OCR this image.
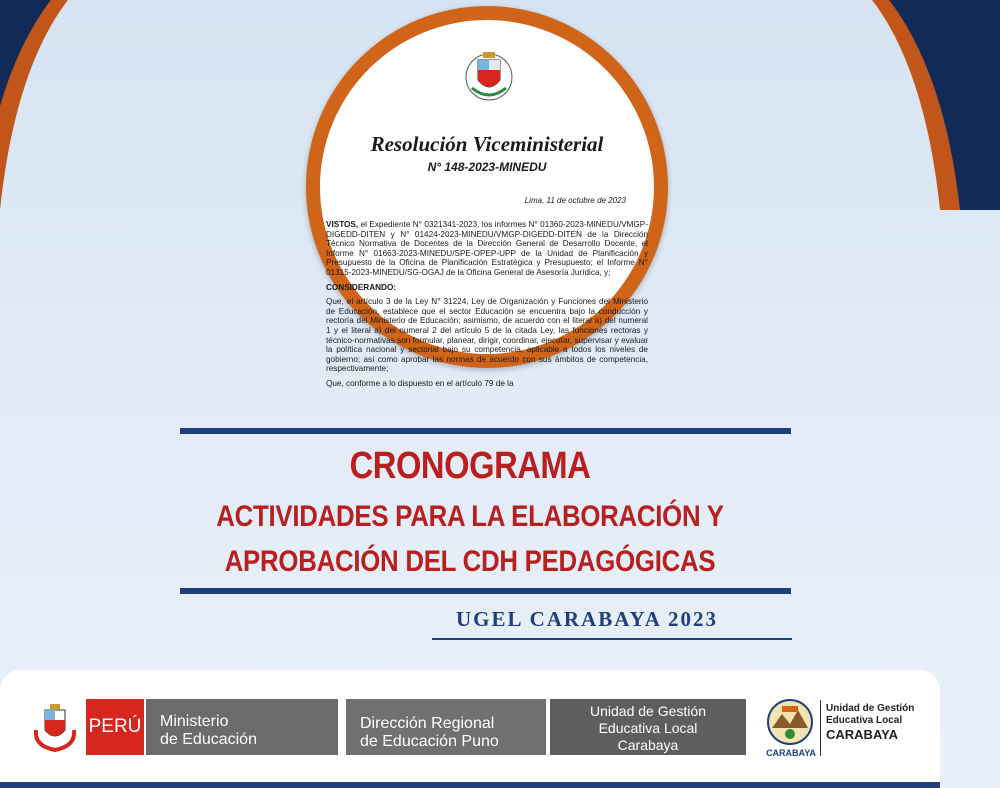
Resolución Viceministerial
N° 148-2023-MINEDU
Lima, 11 de octubre de 2023

VISTOS, el Expediente N° 0321341-2023, los informes N° 01360-2023-MINEDU/VMGP-DIGEDD-DITEN y N° 01424-2023-MINEDU/VMGP-DIGEDD-DITEN de la Dirección Técnico Normativa de Docentes de la Dirección General de Desarrollo Docente, el Informe N° 01663-2023-MINEDU/SPE-OPEP-UPP de la Unidad de Planificación y Presupuesto de la Oficina de Planificación Estratégica y Presupuesto; el Informe N° 01315-2023-MINEDU/SG-OGAJ de la Oficina General de Asesoría Jurídica, y;

CONSIDERANDO:

Que, el artículo 3 de la Ley N° 31224, Ley de Organización y Funciones del Ministerio de Educación, establece que el sector Educación se encuentra bajo la conducción y rectoría del Ministerio de Educación; asimismo, de acuerdo con el literal a) del numeral 1 y el literal a) del numeral 2 del artículo 5 de la citada Ley, las funciones rectoras y técnico-normativas son formular, planear, dirigir, coordinar, ejecutar, supervisar y evaluar la política nacional y sectorial bajo su competencia, aplicable a todos los niveles de gobierno; así como aprobar las normas de acuerdo con sus ámbitos de competencia, respectivamente;

Que, conforme a lo dispuesto en el artículo 79 de la

CRONOGRAMA
ACTIVIDADES PARA LA ELABORACIÓN Y
APROBACIÓN DEL CDH PEDAGÓGICAS
UGEL CARABAYA 2023
PERÚ Ministerio
de Educación
Dirección Regional
de Educación Puno
Unidad de Gestión
Educativa Local
Carabaya	CARABAYA
Unidad de Gestión
Educativa Local
CARABAYA
